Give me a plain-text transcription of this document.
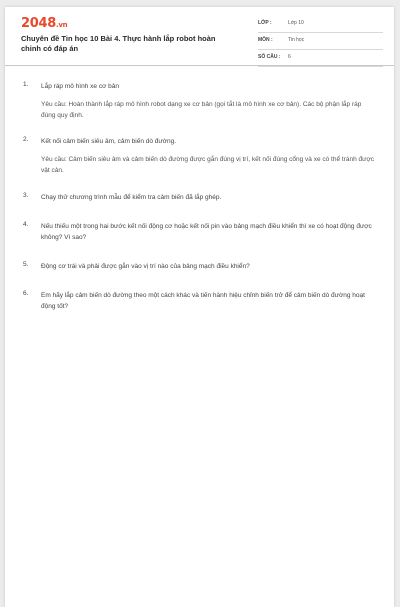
2048.vn
Chuyên đề Tin học 10 Bài 4. Thực hành lắp robot hoàn chỉnh có đáp án
LỚP :	Lớp 10
MÔN :	Tin học
SỐ CÂU : 6
1. Lắp ráp mô hình xe cơ bản
Yêu cầu: Hoàn thành lắp ráp mô hình robot dạng xe cơ bản (gọi tắt là mô hình xe cơ bản). Các bộ phận lắp ráp đúng quy định.
2. Kết nối cảm biến siêu âm, cảm biến dò đường.
Yêu cầu: Cảm biến siêu âm và cảm biến dò đường được gắn đúng vị trí, kết nối đúng cổng và xe có thể tránh được vật cản.
3. Chạy thử chương trình mẫu để kiểm tra cảm biến đã lắp ghép.
4. Nếu thiếu một trong hai bước kết nối động cơ hoặc kết nối pin vào bảng mạch điều khiển thì xe có hoạt động được không? Vì sao?
5. Động cơ trái và phải được gắn vào vị trí nào của bảng mạch điều khiển?
6. Em hãy lắp cảm biến dò đường theo một cách khác và tiến hành hiệu chỉnh biến trở để cảm biến dò đường hoạt động tốt?
